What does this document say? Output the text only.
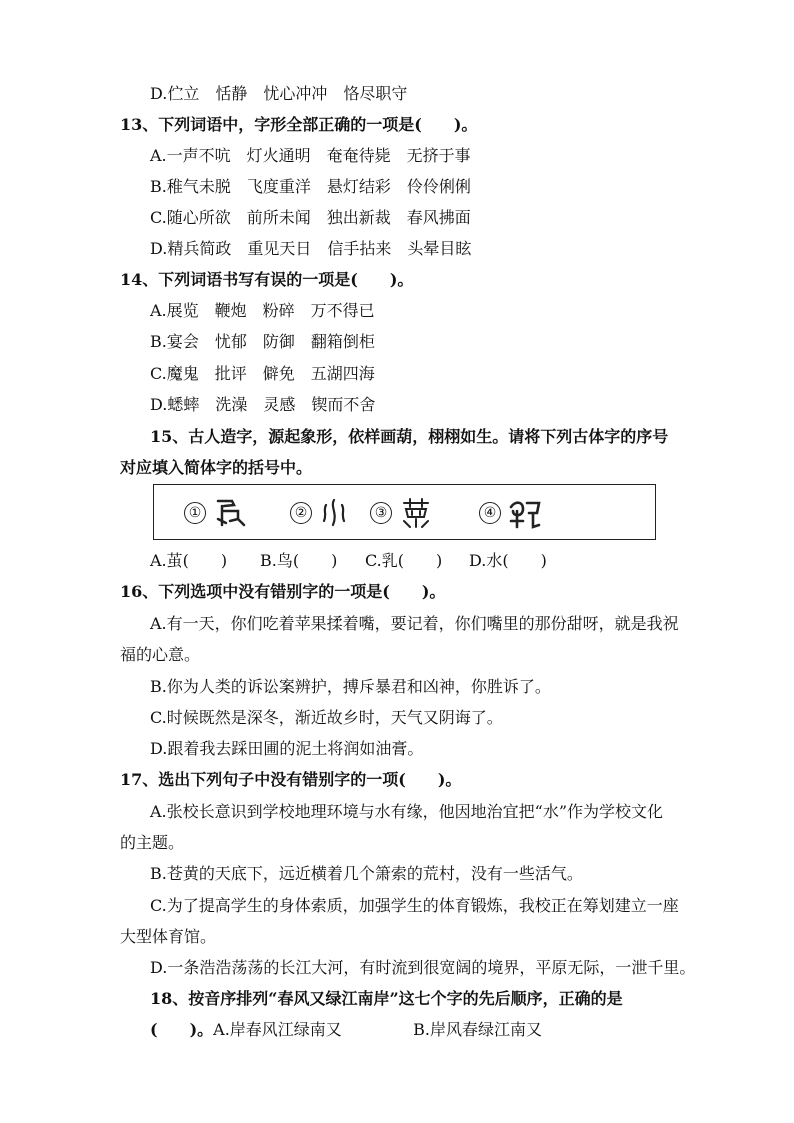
D.伫立　恬静　忧心冲冲　恪尽职守
13、下列词语中，字形全部正确的一项是(　　)。
A.一声不吭　灯火通明　奄奄待毙　无挤于事
B.稚气未脱　飞度重洋　悬灯结彩　伶伶俐俐
C.随心所欲　前所未闻　独出新裁　春风拂面
D.精兵简政　重见天日　信手拈来　头晕目眩
14、下列词语书写有误的一项是(　　)。
A.展览　鞭炮　粉碎　万不得已
B.宴会　忧郁　防御　翻箱倒柜
C.魔鬼　批评　僻免　五湖四海
D.蟋蟀　洗澡　灵感　锲而不舍
15、古人造字，源起象形，依样画葫，栩栩如生。请将下列古体字的序号
对应填入简体字的括号中。
①	②	③	④
A.茧(　　) B.鸟(　　) C.乳(　　) D.水(　　)
16、下列选项中没有错别字的一项是(　　)。
A.有一天，你们吃着苹果揉着嘴，要记着，你们嘴里的那份甜呀，就是我祝
福的心意。
B.你为人类的诉讼案辨护，搏斥暴君和凶神，你胜诉了。
C.时候既然是深冬，渐近故乡时，天气又阴诲了。
D.跟着我去踩田圃的泥土将润如油膏。
17、选出下列句子中没有错别字的一项(　　)。
A.张校长意识到学校地理环境与水有缘，他因地治宜把“水”作为学校文化
的主题。
B.苍黄的天底下，远近横着几个箫索的荒村，没有一些活气。
C.为了提高学生的身体索质，加强学生的体育锻炼，我校正在筹划建立一座
大型体育馆。
D.一条浩浩荡荡的长江大河，有时流到很宽阔的境界，平原无际，一泄千里。
18、按音序排列“春风又绿江南岸”这七个字的先后顺序，正确的是
(　　)。A.岸春风江绿南又	B.岸风春绿江南又
